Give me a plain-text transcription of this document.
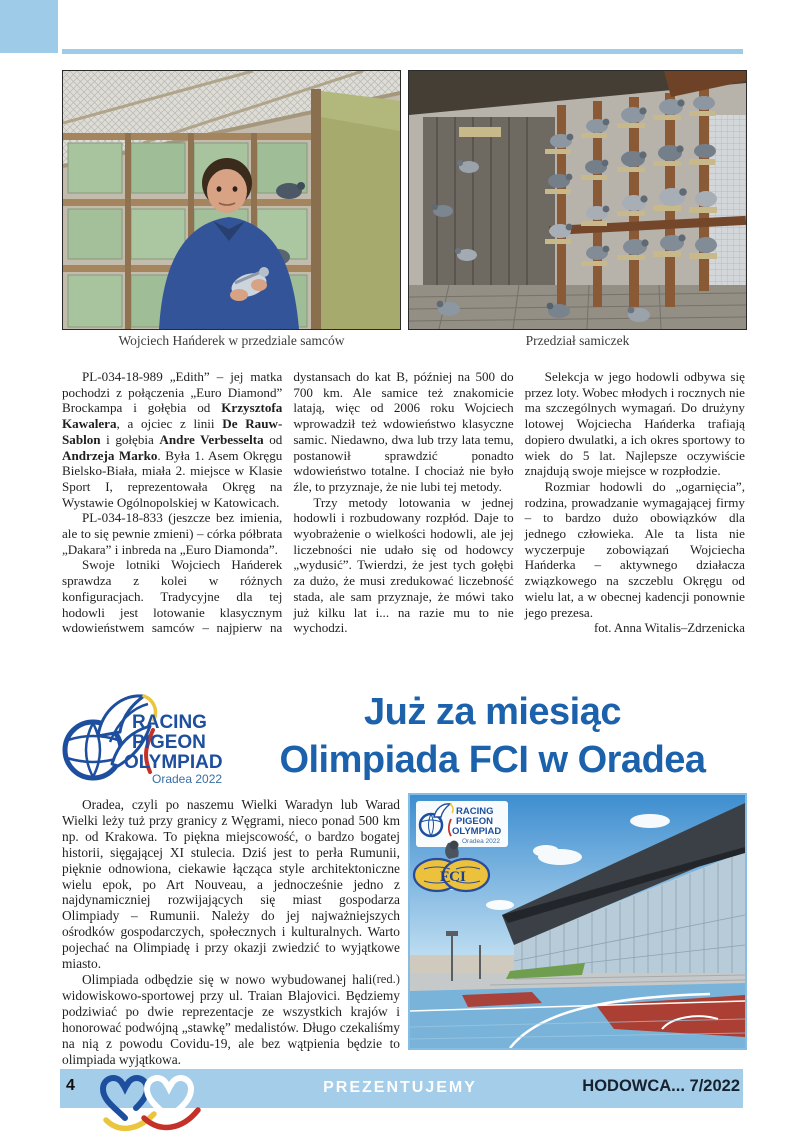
Wojciech Hańderek w przedziale samców	Przedział samiczek

PL-034-18-989 „Edith” – jej matka pochodzi z połączenia „Euro Diamond” Brockampa i gołębia od Krzysztofa Kawalera, a ojciec z linii De Rauw-Sablon i gołębia Andre Verbesselta od Andrzeja Marko. Była 1. Asem Okręgu Bielsko-Biała, miała 2. miejsce w Klasie Sport I, reprezentowała Okręg na Wystawie Ogólnopolskiej w Katowicach.

PL-034-18-833 (jeszcze bez imienia, ale to się pewnie zmieni) – córka półbrata „Dakara” i inbreda na „Euro Diamonda”.

Swoje lotniki Wojciech Hańderek sprawdza z kolei w różnych konfiguracjach. Tradycyjne dla tej hodowli jest lotowanie klasycznym wdowieństwem samców – najpierw na dystansach do kat B, później na 500 do 700 km. Ale samice też znakomicie latają, więc od 2006 roku Wojciech wprowadził też wdowieństwo klasyczne samic. Niedawno, dwa lub trzy lata temu, postanowił sprawdzić ponadto wdowieństwo totalne. I chociaż nie było źle, to przyznaje, że nie lubi tej metody.

Trzy metody lotowania w jednej hodowli i rozbudowany rozpłód. Daje to wyobrażenie o wielkości hodowli, ale jej liczebności nie udało się od hodowcy „wydusić”. Twierdzi, że jest tych gołębi za dużo, że musi zredukować liczebność stada, ale sam przyznaje, że mówi tako już kilku lat i... na razie mu to nie wychodzi.

Selekcja w jego hodowli odbywa się przez loty. Wobec młodych i rocznych nie ma szczególnych wymagań. Do drużyny lotowej Wojciecha Hańderka trafiają dopiero dwulatki, a ich okres sportowy to wiek do 5 lat. Najlepsze oczywiście znajdują swoje miejsce w rozpłodzie.

Rozmiar hodowli do „ogarnięcia”, rodzina, prowadzanie wymagającej firmy – to bardzo dużo obowiązków dla jednego człowieka. Ale ta lista nie wyczerpuje zobowiązań Wojciecha Hańderka – aktywnego działacza związkowego na szczeblu Okręgu od wielu lat, a w obecnej kadencji ponownie jego prezesa.

fot. Anna Witalis–Zdrzenicka

RACING
PIGEON
OLYMPIAD
Oradea 2022
Już za miesiąc
Olimpiada FCI w Oradea

Oradea, czyli po naszemu Wielki Waradyn lub Warad Wielki leży tuż przy granicy z Węgrami, nieco ponad 500 km np. od Krakowa. To piękna miejscowość, o bardzo bogatej historii, sięgającej XI stulecia. Dziś jest to perła Rumunii, pięknie odnowiona, ciekawie łącząca style architektoniczne wielu epok, po Art Nouveau, a jednocześnie jedno z najdynamiczniej rozwijających się miast gospodarza Olimpiady – Rumunii. Należy do jej najważniejszych ośrodków gospodarczych, społecznych i kulturalnych. Warto pojechać na Olimpiadę i przy okazji zwiedzić to wyjątkowe miasto.

(red.)
Olimpiada odbędzie się w nowo wybudowanej hali widowiskowo-sportowej przy ul. Traian Blajovici. Będziemy podziwiać po dwie reprezentacje ze wszystkich krajów i honorować podwójną „stawkę” medalistów. Długo czekaliśmy na nią z powodu Covidu-19, ale bez wątpienia będzie to olimpiada wyjątkowa.

RACING
PIGEON
OLYMPIAD
Oradea 2022
FCI
4	PREZENTUJEMY	HODOWCA... 7/2022
